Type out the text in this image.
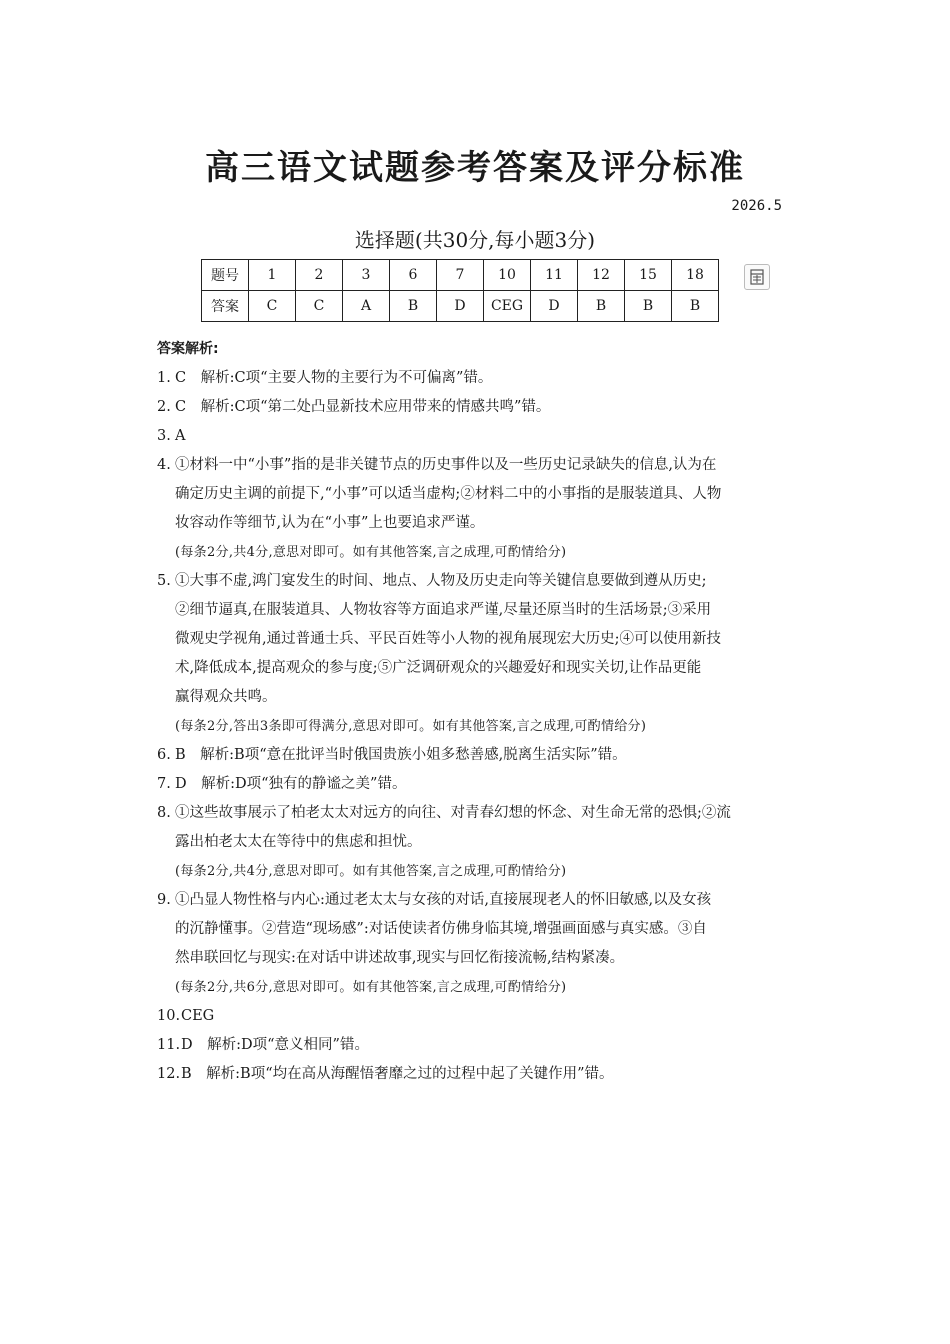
高三语文试题参考答案及评分标准
2026.5
选择题(共30分,每小题3分)
题号	1	2	3	6	7	10	11	12	15	18
答案	C	C	A	B	D	CEG	D	B	B	B
答案解析:
1. C　解析:C项“主要人物的主要行为不可偏离”错。
2. C　解析:C项“第二处凸显新技术应用带来的情感共鸣”错。
3. A
4. ①材料一中“小事”指的是非关键节点的历史事件以及一些历史记录缺失的信息,认为在
确定历史主调的前提下,“小事”可以适当虚构;②材料二中的小事指的是服装道具、人物
妆容动作等细节,认为在“小事”上也要追求严谨。
(每条2分,共4分,意思对即可。如有其他答案,言之成理,可酌情给分)
5. ①大事不虚,鸿门宴发生的时间、地点、人物及历史走向等关键信息要做到遵从历史;
②细节逼真,在服装道具、人物妆容等方面追求严谨,尽量还原当时的生活场景;③采用
微观史学视角,通过普通士兵、平民百姓等小人物的视角展现宏大历史;④可以使用新技
术,降低成本,提高观众的参与度;⑤广泛调研观众的兴趣爱好和现实关切,让作品更能
赢得观众共鸣。
(每条2分,答出3条即可得满分,意思对即可。如有其他答案,言之成理,可酌情给分)
6. B　解析:B项“意在批评当时俄国贵族小姐多愁善感,脱离生活实际”错。
7. D　解析:D项“独有的静谧之美”错。
8. ①这些故事展示了柏老太太对远方的向往、对青春幻想的怀念、对生命无常的恐惧;②流
露出柏老太太在等待中的焦虑和担忧。
(每条2分,共4分,意思对即可。如有其他答案,言之成理,可酌情给分)
9. ①凸显人物性格与内心:通过老太太与女孩的对话,直接展现老人的怀旧敏感,以及女孩
的沉静懂事。②营造“现场感”:对话使读者仿佛身临其境,增强画面感与真实感。③自
然串联回忆与现实:在对话中讲述故事,现实与回忆衔接流畅,结构紧凑。
(每条2分,共6分,意思对即可。如有其他答案,言之成理,可酌情给分)
10. CEG
11. D　解析:D项“意义相同”错。
12. B　解析:B项“均在高从海醒悟奢靡之过的过程中起了关键作用”错。
